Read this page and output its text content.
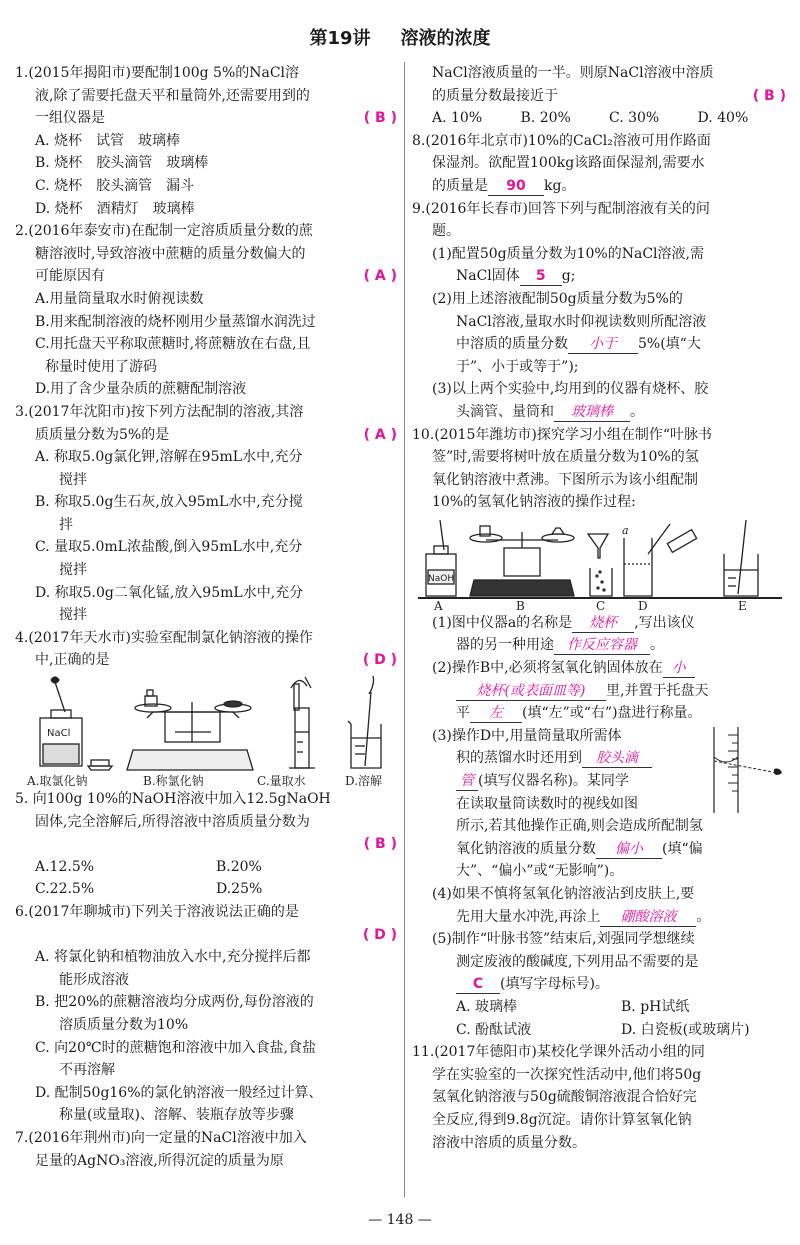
第19讲 溶液的浓度
1.(2015年揭阳市)要配制100g 5%的NaCl溶
液,除了需要托盘天平和量筒外,还需要用到的
一组仪器是	( B )
A. 烧杯　试管　玻璃棒
B. 烧杯　胶头滴管　玻璃棒
C. 烧杯　胶头滴管　漏斗
D. 烧杯　酒精灯　玻璃棒
2.(2016年泰安市)在配制一定溶质质量分数的蔗
糖溶液时,导致溶液中蔗糖的质量分数偏大的
可能原因有	( A )
A.用量筒量取水时俯视读数
B.用来配制溶液的烧杯刚用少量蒸馏水润洗过
C.用托盘天平称取蔗糖时,将蔗糖放在右盘,且
称量时使用了游码
D.用了含少量杂质的蔗糖配制溶液
3.(2017年沈阳市)按下列方法配制的溶液,其溶
质质量分数为5%的是	( A )
A. 称取5.0g氯化钾,溶解在95mL水中,充分
搅拌
B. 称取5.0g生石灰,放入95mL水中,充分搅
拌
C. 量取5.0mL浓盐酸,倒入95mL水中,充分
搅拌
D. 称取5.0g二氧化锰,放入95mL水中,充分
搅拌
4.(2017年天水市)实验室配制氯化钠溶液的操作
中,正确的是	( D )
NaCl
A.取氯化钠	B.称氯化钠	C.量取水	D.溶解
5. 向100g 10%的NaOH溶液中加入12.5gNaOH
固体,完全溶解后,所得溶液中溶质质量分数为
( B )
A.12.5%	B.20%
C.22.5%	D.25%
6.(2017年聊城市)下列关于溶液说法正确的是
( D )
A. 将氯化钠和植物油放入水中,充分搅拌后都
能形成溶液
B. 把20%的蔗糖溶液均分成两份,每份溶液的
溶质质量分数为10%
C. 向20℃时的蔗糖饱和溶液中加入食盐,食盐
不再溶解
D. 配制50g16%的氯化钠溶液一般经过计算、
称量(或量取)、溶解、装瓶存放等步骤
7.(2016年荆州市)向一定量的NaCl溶液中加入
足量的AgNO₃溶液,所得沉淀的质量为原
NaCl溶液质量的一半。则原NaCl溶液中溶质
的质量分数最接近于	( B )
A. 10%	B. 20%	C. 30%	D. 40%
8.(2016年北京市)10%的CaCl₂溶液可用作路面
保湿剂。欲配置100kg该路面保湿剂,需要水
的质量是 90 kg。
9.(2016年长春市)回答下列与配制溶液有关的问
题。
(1)配置50g质量分数为10%的NaCl溶液,需
NaCl固体 5 g;
(2)用上述溶液配制50g质量分数为5%的
NaCl溶液,量取水时仰视读数则所配溶液
中溶质的质量分数 小于 5%(填“大
于”、小于或等于”);
(3)以上两个实验中,均用到的仪器有烧杯、胶
头滴管、量筒和 玻璃棒 。
10.(2015年潍坊市)探究学习小组在制作“叶脉书
签”时,需要将树叶放在质量分数为10%的氢
氧化钠溶液中煮沸。下图所示为该小组配制
10%的氢氧化钠溶液的操作过程:
NaOH
a
A	B	C	D	E
(1)图中仪器a的名称是 烧杯 ,写出该仪
器的另一种用途 作反应容器 。
(2)操作B中,必须将氢氧化钠固体放在 小
烧杯(或表面皿等) 里,并置于托盘天
平 左 (填“左”或“右”)盘进行称量。
(3)操作D中,用量筒量取所需体
积的蒸馏水时还用到 胶头滴
管 (填写仪器名称)。某同学
在读取量筒读数时的视线如图
所示,若其他操作正确,则会造成所配制氢
氧化钠溶液的质量分数 偏小 (填“偏
大”、“偏小”或“无影响”)。
(4)如果不慎将氢氧化钠溶液沾到皮肤上,要
先用大量水冲洗,再涂上 硼酸溶液 。
(5)制作“叶脉书签”结束后,刘强同学想继续
测定废液的酸碱度,下列用品不需要的是
C (填写字母标号)。
A. 玻璃棒	B. pH试纸
C. 酚酞试液	D. 白瓷板(或玻璃片)
11.(2017年德阳市)某校化学课外活动小组的同
学在实验室的一次探究性活动中,他们将50g
氢氧化钠溶液与50g硫酸铜溶液混合恰好完
全反应,得到9.8g沉淀。请你计算氢氧化钠
溶液中溶质的质量分数。
— 148 —
